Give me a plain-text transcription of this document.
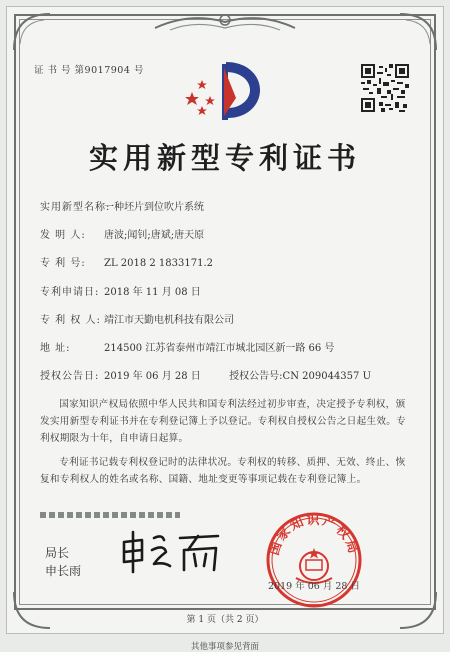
证 书 号 第9017904 号
实用新型专利证书
实用新型名称:一种坯片到位吹片系统
发 明 人: 唐波;闻钊;唐斌;唐天原
专 利 号: ZL 2018 2 1833171.2
专利申请日: 2018 年 11 月 08 日
专 利 权 人: 靖江市天勤电机科技有限公司
地 址:	214500 江苏省泰州市靖江市城北园区新一路 66 号
授权公告日: 2019 年 06 月 28 日	授权公告号:CN 209044357 U
国家知识产权局依照中华人民共和国专利法经过初步审查，决定授予专利权，颁发实用新型专利证书并在专利登记簿上予以登记。专利权自授权公告之日起生效。专利权期限为十年，自申请日起算。
专利证书记载专利权登记时的法律状况。专利权的转移、质押、无效、终止、恢复和专利权人的姓名或名称、国籍、地址变更等事项记载在专利登记簿上。
局长
申长雨
国家知识产权局
2019 年 06 月 28 日
第 1 页（共 2 页）
其他事项参见背面
